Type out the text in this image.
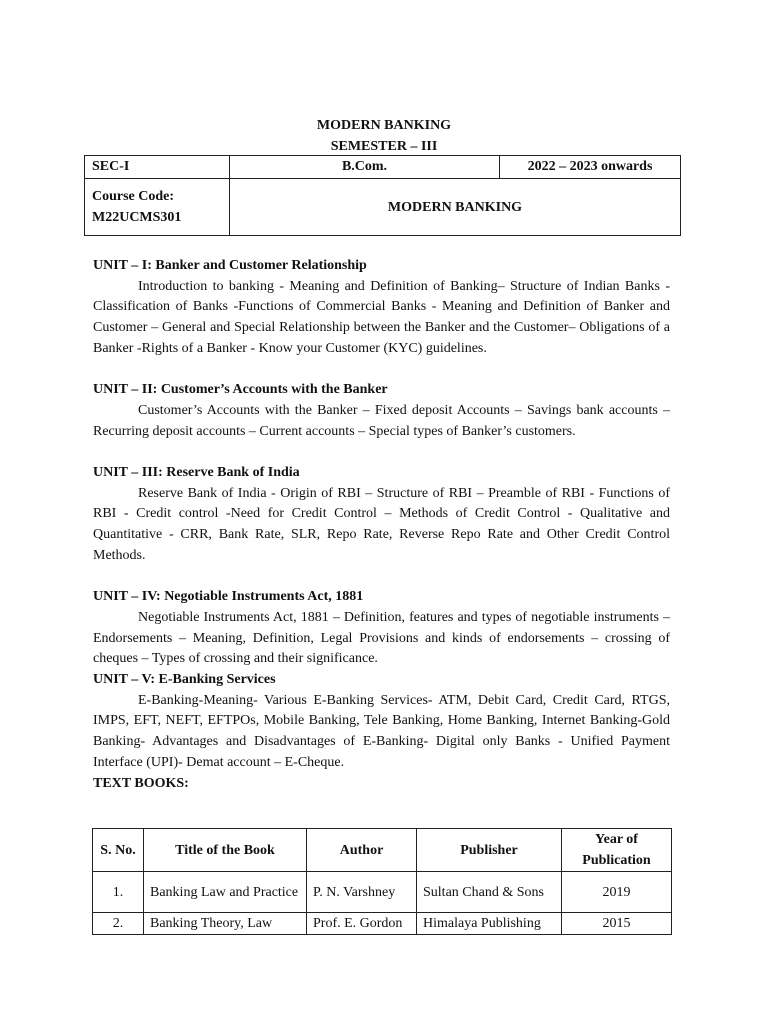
MODERN BANKING
SEMESTER – III
SEC-I	B.Com.	2022 – 2023 onwards

Course Code:
M22UCMS301	MODERN BANKING	

UNIT – I: Banker and Customer Relationship

Introduction to banking - Meaning and Definition of Banking– Structure of Indian Banks - Classification of Banks -Functions of Commercial Banks - Meaning and Definition of Banker and Customer – General and Special Relationship between the Banker and the Customer– Obligations of a Banker -Rights of a Banker - Know your Customer (KYC) guidelines.

UNIT – II: Customer’s Accounts with the Banker

Customer’s Accounts with the Banker – Fixed deposit Accounts – Savings bank accounts – Recurring deposit accounts – Current accounts – Special types of Banker’s customers.

UNIT – III: Reserve Bank of India

Reserve Bank of India - Origin of RBI – Structure of RBI – Preamble of RBI - Functions of RBI - Credit control -Need for Credit Control – Methods of Credit Control - Qualitative and Quantitative - CRR, Bank Rate, SLR, Repo Rate, Reverse Repo Rate and Other Credit Control Methods.

UNIT – IV: Negotiable Instruments Act, 1881

Negotiable Instruments Act, 1881 – Definition, features and types of negotiable instruments –Endorsements – Meaning, Definition, Legal Provisions and kinds of endorsements – crossing of cheques – Types of crossing and their significance.

UNIT – V: E-Banking Services

E-Banking-Meaning- Various E-Banking Services- ATM, Debit Card, Credit Card, RTGS, IMPS, EFT, NEFT, EFTPOs, Mobile Banking, Tele Banking, Home Banking, Internet Banking-Gold Banking- Advantages and Disadvantages of E-Banking- Digital only Banks - Unified Payment Interface (UPI)- Demat account – E-Cheque.

TEXT BOOKS:

S. No.	Title of the Book	Author	Publisher	Year of Publication
1.	Banking Law and Practice	P. N. Varshney	Sultan Chand & Sons	2019
2.	Banking Theory, Law	Prof. E. Gordon	Himalaya Publishing	2015
